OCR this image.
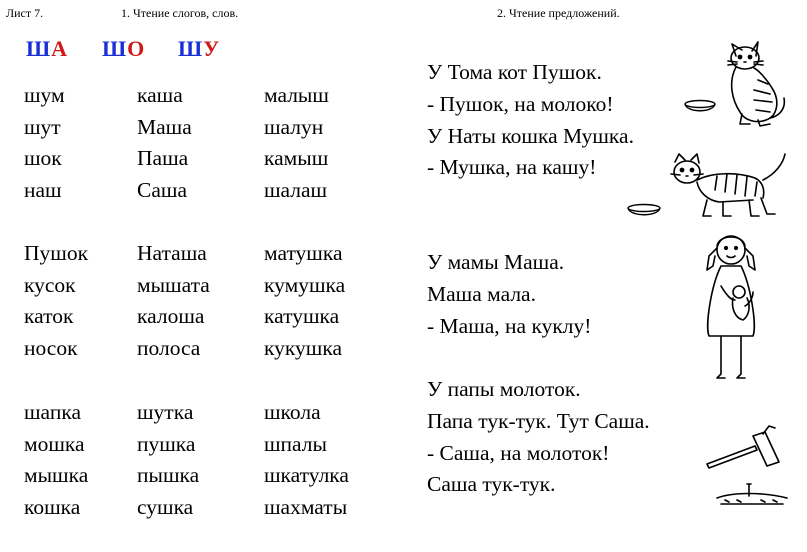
Лист 7.	1. Чтение слогов, слов.	2. Чтение предложений.
ША ШО ШУ
шум
шут
шок
наш
Пушок
кусок
каток
носок
шапка
мошка
мышка
кошка
каша
Маша
Паша
Саша
Наташа
мышата
калоша
полоса
шутка
пушка
пышка
сушка
малыш
шалун
камыш
шалаш
матушка
кумушка
катушка
кукушка
школа
шпалы
шкатулка
шахматы
У Тома кот Пушок.
- Пушок, на молоко!
У Наты кошка Мушка.
- Мушка, на кашу!
У мамы Маша.
Маша мала.
- Маша, на куклу!
У папы молоток.
Папа тук-тук. Тут Саша.
- Саша, на молоток!
Саша тук-тук.
